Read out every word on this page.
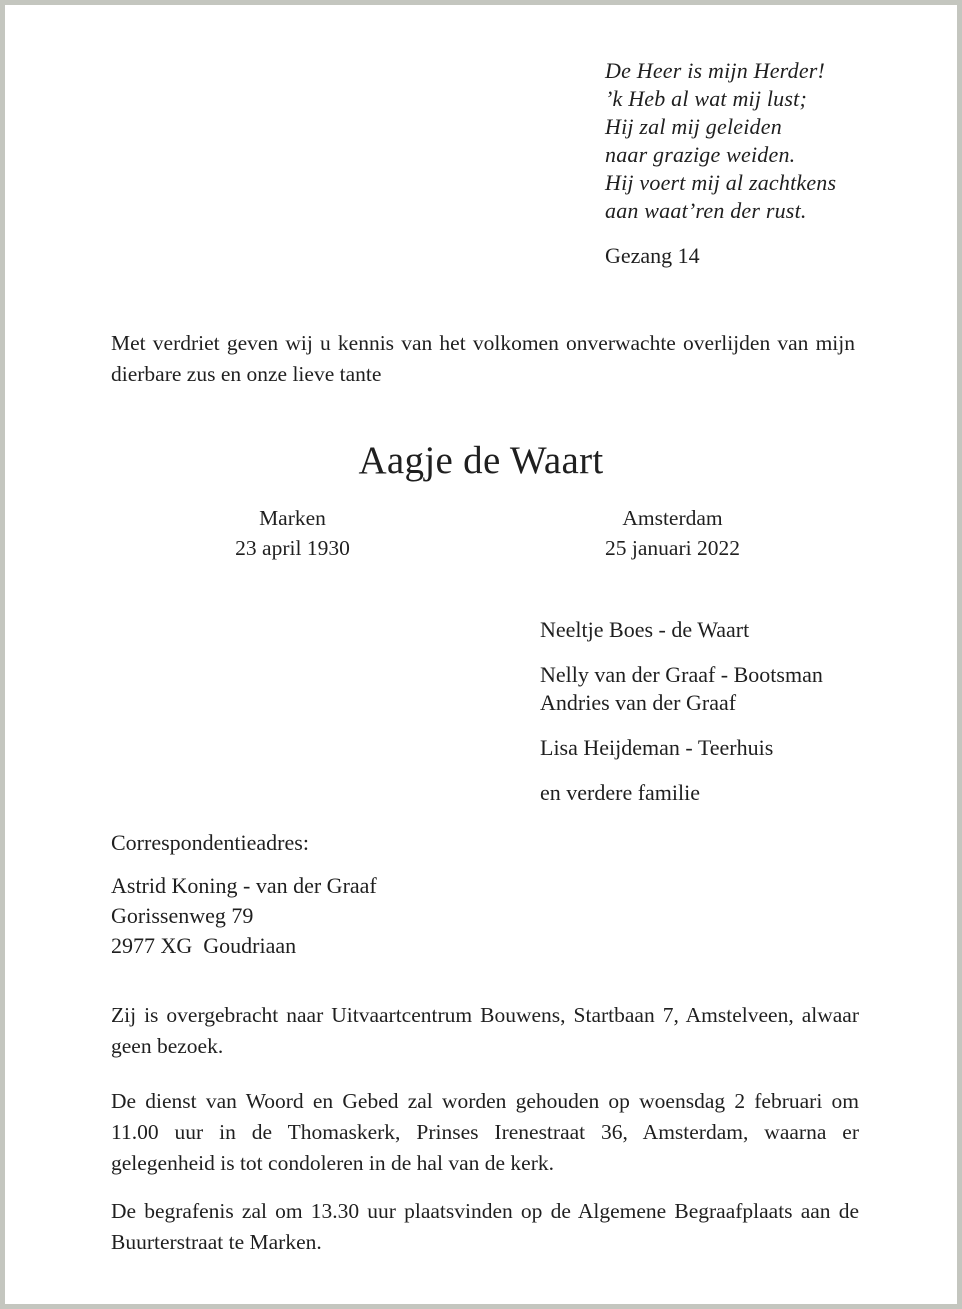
De Heer is mijn Herder!

’k Heb al wat mij lust;

Hij zal mij geleiden

naar grazige weiden.

Hij voert mij al zachtkens

aan waat’ren der rust.

Gezang 14
Met verdriet geven wij u kennis van het volkomen onverwachte overlijden van mijn dierbare zus en onze lieve tante
Aagje de Waart

Marken

23 april 1930

Amsterdam

25 januari 2022

Neeltje Boes - de Waart

Nelly van der Graaf - Bootsman

Andries van der Graaf

Lisa Heijdeman - Teerhuis

en verdere familie

Correspondentieadres:

Astrid Koning - van der Graaf

Gorissenweg 79

2977 XG  Goudriaan

Zij is overgebracht naar Uitvaartcentrum Bouwens, Startbaan 7, Amstelveen, alwaar geen bezoek.
De dienst van Woord en Gebed zal worden gehouden op woensdag 2 februari om 11.00 uur in de Thomaskerk, Prinses Irenestraat 36, Amsterdam, waarna er gelegenheid is tot condoleren in de hal van de kerk.
De begrafenis zal om 13.30 uur plaatsvinden op de Algemene Begraafplaats aan de Buurterstraat te Marken.
